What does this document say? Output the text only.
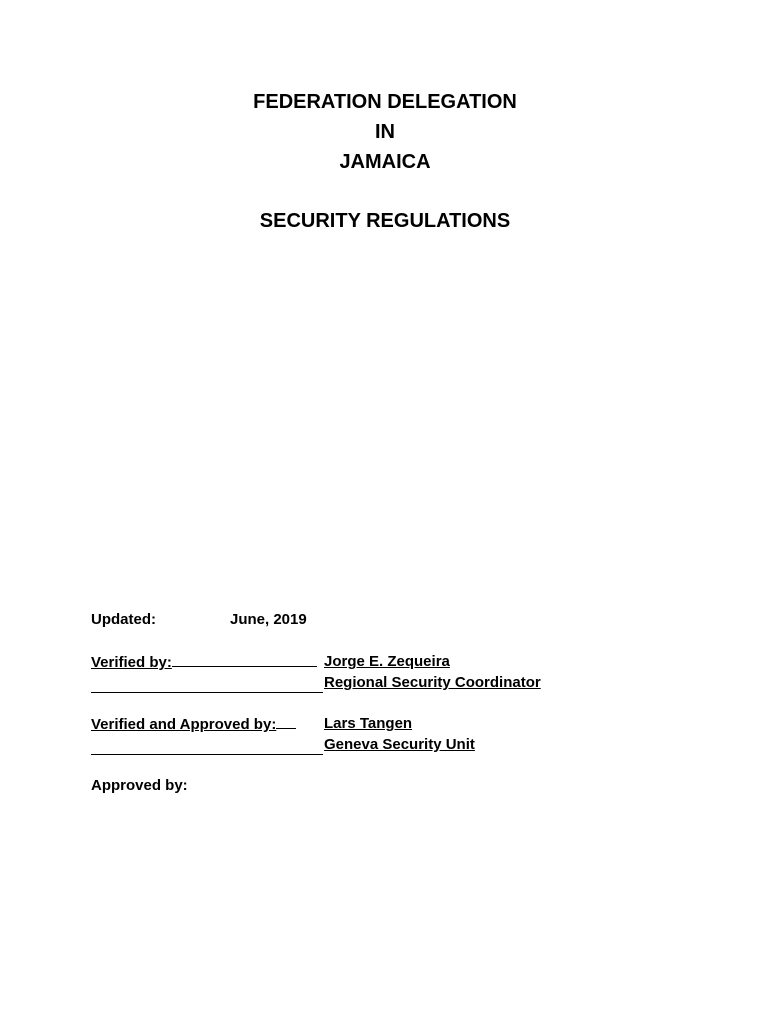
FEDERATION DELEGATION
IN
JAMAICA
SECURITY REGULATIONS
Updated:	June, 2019
Verified by:	Jorge E. Zequeira
Regional Security Coordinator
Verified and Approved by:	Lars Tangen
Geneva Security Unit
Approved by:
